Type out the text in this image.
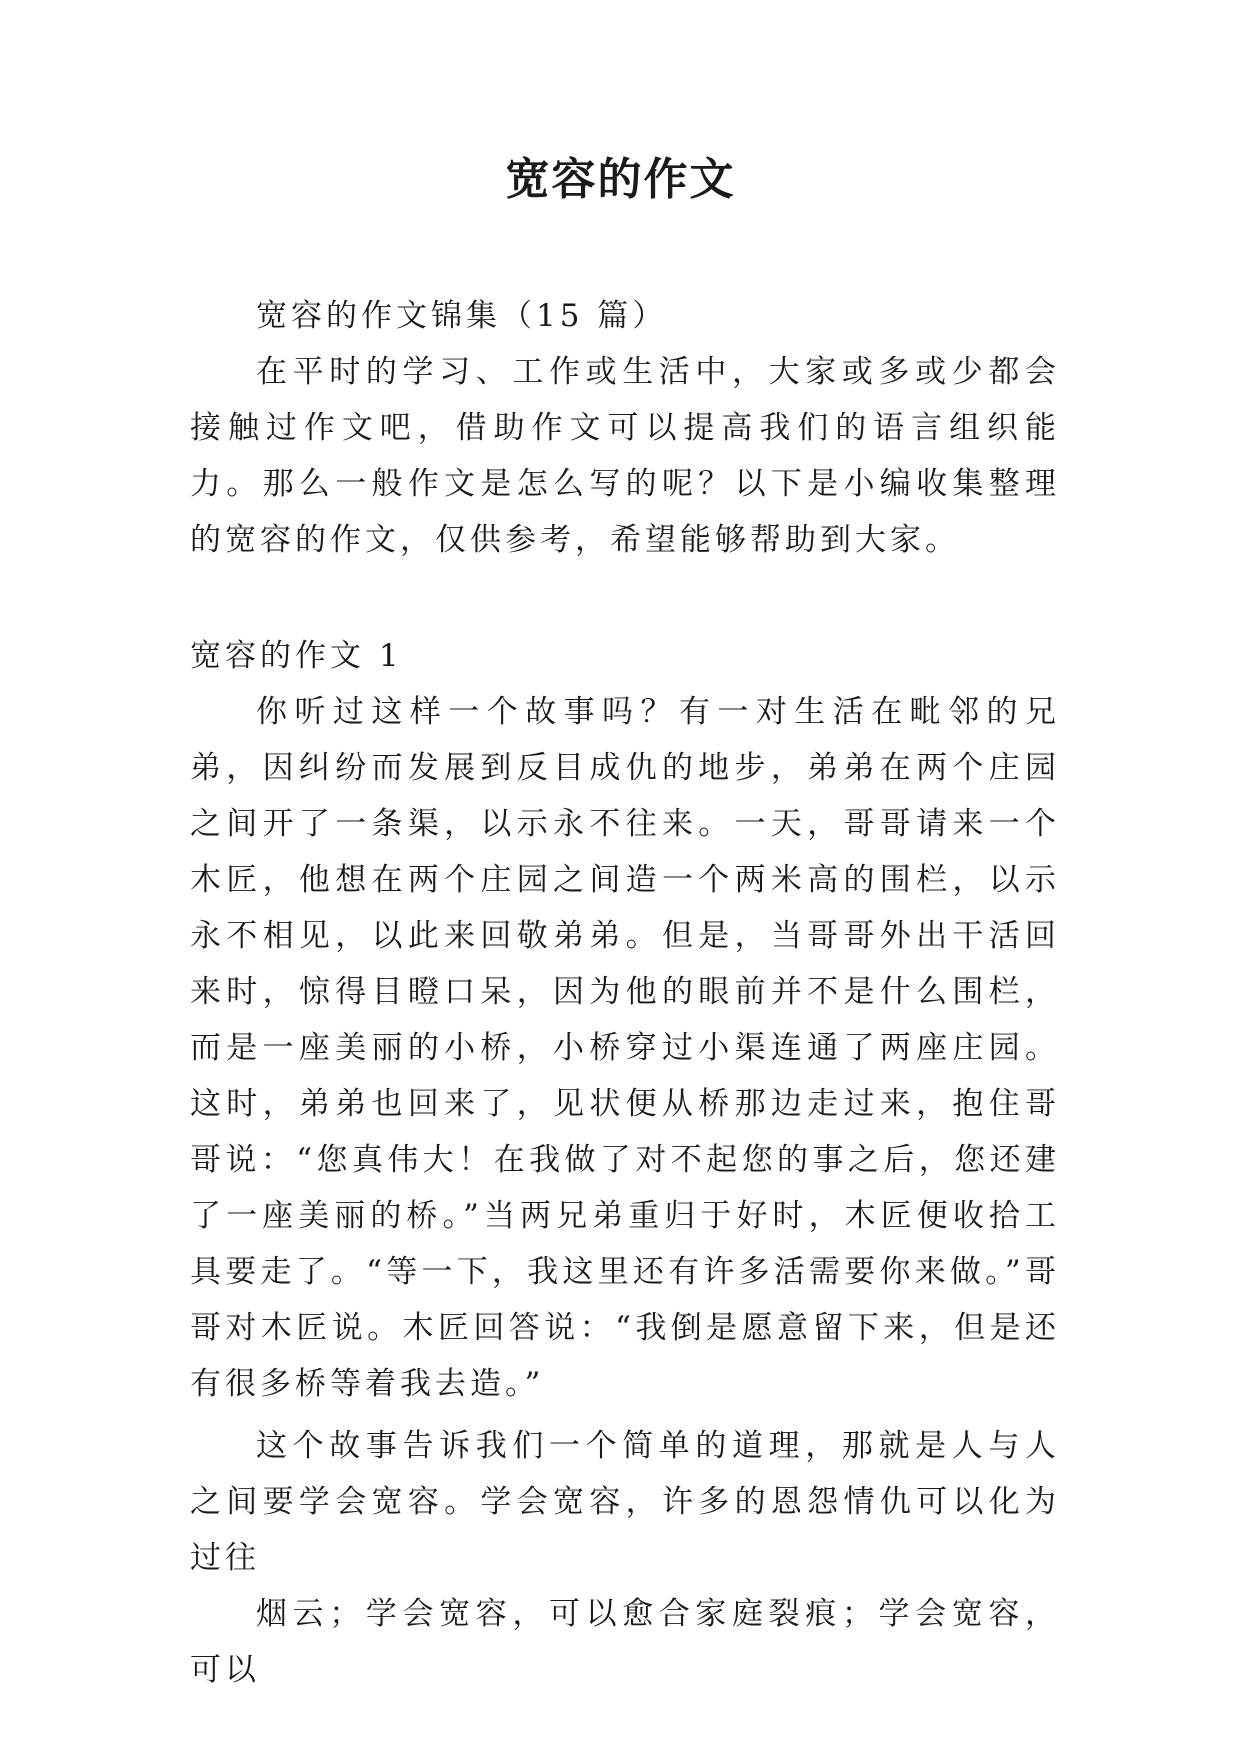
宽容的作文

宽容的作文锦集（15 篇）

在平时的学习、工作或生活中，大家或多或少都会接触过作文吧，借助作文可以提高我们的语言组织能力。那么一般作文是怎么写的呢？以下是小编收集整理的宽容的作文，仅供参考，希望能够帮助到大家。

宽容的作文 1

你听过这样一个故事吗？有一对生活在毗邻的兄弟，因纠纷而发展到反目成仇的地步，弟弟在两个庄园之间开了一条渠，以示永不往来。一天，哥哥请来一个木匠，他想在两个庄园之间造一个两米高的围栏，以示永不相见，以此来回敬弟弟。但是，当哥哥外出干活回来时，惊得目瞪口呆，因为他的眼前并不是什么围栏，而是一座美丽的小桥，小桥穿过小渠连通了两座庄园。这时，弟弟也回来了，见状便从桥那边走过来，抱住哥哥说：“您真伟大！在我做了对不起您的事之后，您还建了一座美丽的桥。”当两兄弟重归于好时，木匠便收拾工具要走了。“等一下，我这里还有许多活需要你来做。”哥哥对木匠说。木匠回答说：“我倒是愿意留下来，但是还有很多桥等着我去造。”

这个故事告诉我们一个简单的道理，那就是人与人之间要学会宽容。学会宽容，许多的恩怨情仇可以化为过往

烟云；学会宽容，可以愈合家庭裂痕；学会宽容，可以
